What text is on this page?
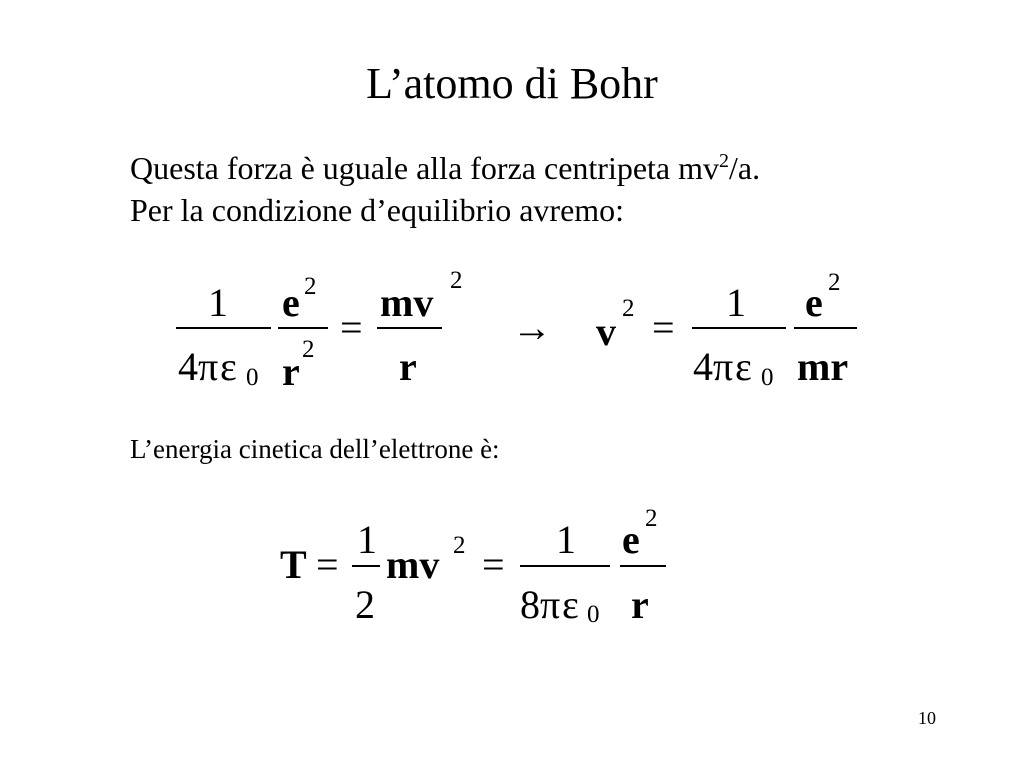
L’atomo di Bohr
Questa forza è uguale alla forza centripeta $mv^2/a$.
Per la condizione d’equilibrio avremo:
1
4 π ε 0
e 2
r 2 =
mv 2
r
→ v
2 =
1
4 π ε 0
e 2
mr
L’energia cinetica dell’elettrone è:
T =
1
2
mv 2 =
1
8 π ε 0
e 2
r
10
